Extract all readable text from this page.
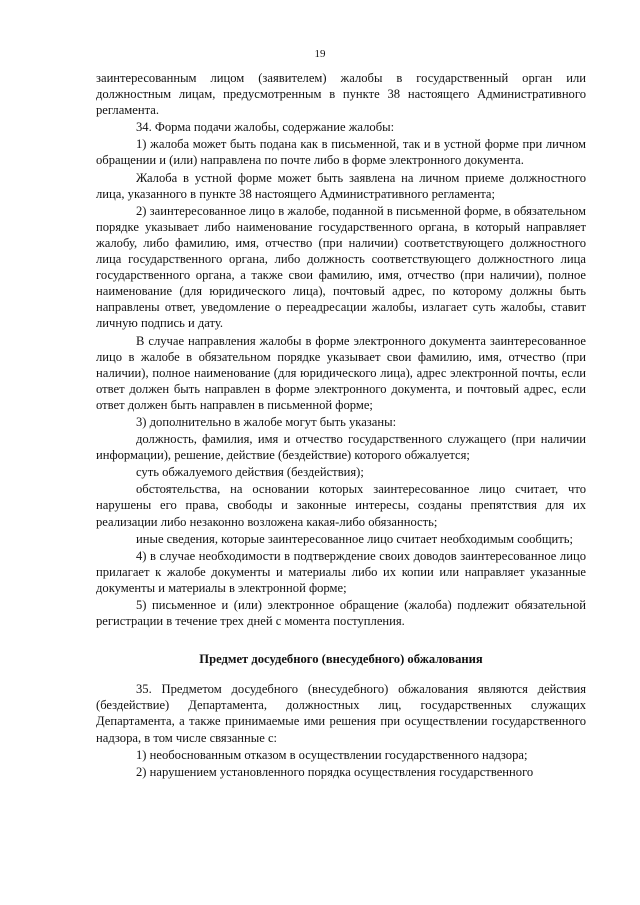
19

заинтересованным лицом (заявителем) жалобы в государственный орган или должностным лицам, предусмотренным в пункте 38 настоящего Административного регламента.

34. Форма подачи жалобы, содержание жалобы:

1) жалоба может быть подана как в письменной, так и в устной форме при личном обращении и (или) направлена по почте либо в форме электронного документа.

Жалоба в устной форме может быть заявлена на личном приеме должностного лица, указанного в пункте 38 настоящего Административного регламента;

2) заинтересованное лицо в жалобе, поданной в письменной форме, в обязательном порядке указывает либо наименование государственного органа, в который направляет жалобу, либо фамилию, имя, отчество (при наличии) соответствующего должностного лица государственного органа, либо должность соответствующего должностного лица государственного органа, а также свои фамилию, имя, отчество (при наличии), полное наименование (для юридического лица), почтовый адрес, по которому должны быть направлены ответ, уведомление о переадресации жалобы, излагает суть жалобы, ставит личную подпись и дату.

В случае направления жалобы в форме электронного документа заинтересованное лицо в жалобе в обязательном порядке указывает свои фамилию, имя, отчество (при наличии), полное наименование (для юридического лица), адрес электронной почты, если ответ должен быть направлен в форме электронного документа, и почтовый адрес, если ответ должен быть направлен в письменной форме;

3) дополнительно в жалобе могут быть указаны:

должность, фамилия, имя и отчество государственного служащего (при наличии информации), решение, действие (бездействие) которого обжалуется;

суть обжалуемого действия (бездействия);

обстоятельства, на основании которых заинтересованное лицо считает, что нарушены его права, свободы и законные интересы, созданы препятствия для их реализации либо незаконно возложена какая-либо обязанность;

иные сведения, которые заинтересованное лицо считает необходимым сообщить;

4) в случае необходимости в подтверждение своих доводов заинтересованное лицо прилагает к жалобе документы и материалы либо их копии или направляет указанные документы и материалы в электронной форме;

5) письменное и (или) электронное обращение (жалоба) подлежит обязательной регистрации в течение трех дней с момента поступления.

Предмет досудебного (внесудебного) обжалования

35. Предметом досудебного (внесудебного) обжалования являются действия (бездействие) Департамента, должностных лиц, государственных служащих Департамента, а также принимаемые ими решения при осуществлении государственного надзора, в том числе связанные с:

1) необоснованным отказом в осуществлении государственного надзора;

2) нарушением установленного порядка осуществления государственного
